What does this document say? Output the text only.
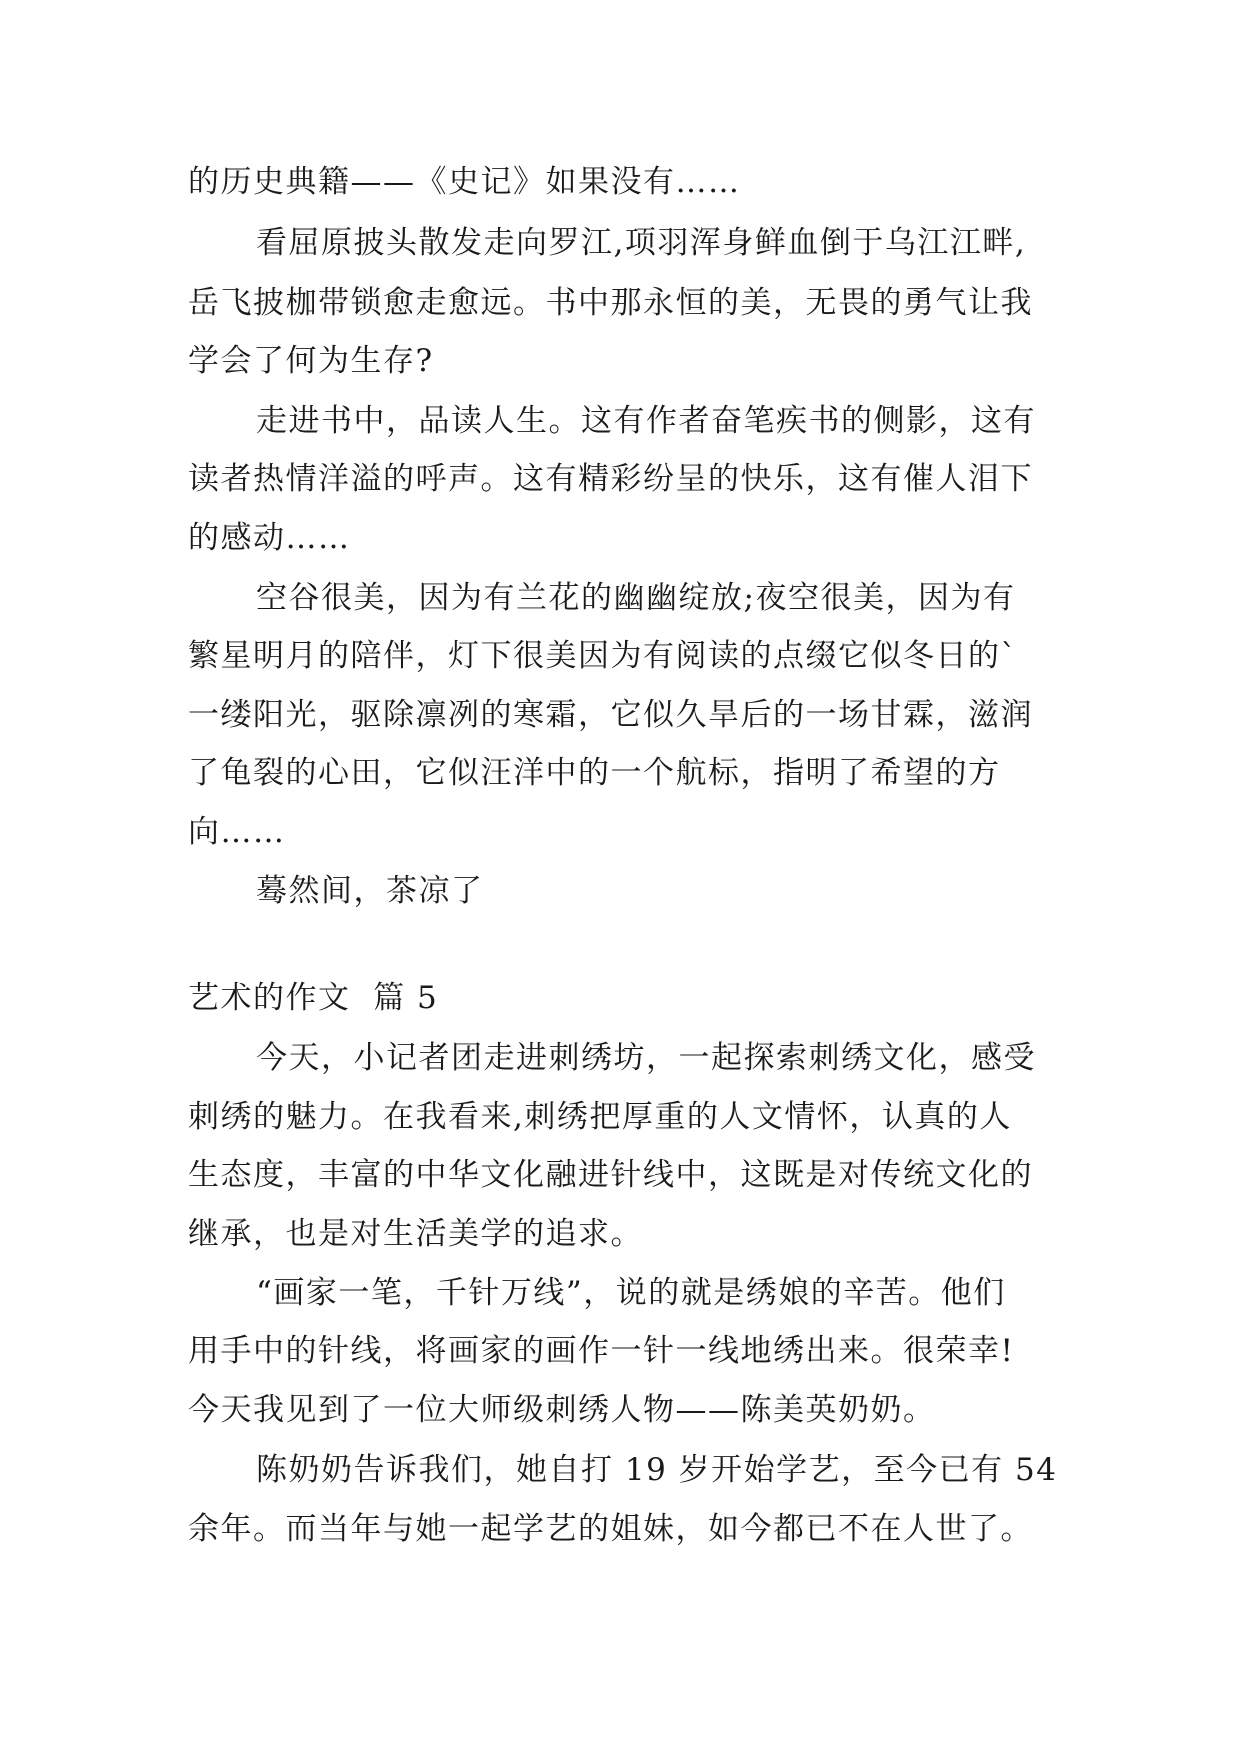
的历史典籍——《史记》如果没有……
看屈原披头散发走向罗江,项羽浑身鲜血倒于乌江江畔,
岳飞披枷带锁愈走愈远。书中那永恒的美，无畏的勇气让我
学会了何为生存?
走进书中，品读人生。这有作者奋笔疾书的侧影，这有
读者热情洋溢的呼声。这有精彩纷呈的快乐，这有催人泪下
的感动……
空谷很美，因为有兰花的幽幽绽放;夜空很美，因为有
繁星明月的陪伴，灯下很美因为有阅读的点缀它似冬日的`
一缕阳光，驱除凛冽的寒霜，它似久旱后的一场甘霖，滋润
了龟裂的心田，它似汪洋中的一个航标，指明了希望的方
向……
蓦然间，茶凉了
艺术的作文  篇 5
今天，小记者团走进刺绣坊，一起探索刺绣文化，感受
刺绣的魅力。在我看来,刺绣把厚重的人文情怀，认真的人
生态度，丰富的中华文化融进针线中，这既是对传统文化的
继承，也是对生活美学的追求。
“画家一笔，千针万线”，说的就是绣娘的辛苦。他们
用手中的针线，将画家的画作一针一线地绣出来。很荣幸!
今天我见到了一位大师级刺绣人物——陈美英奶奶。
陈奶奶告诉我们，她自打 19 岁开始学艺，至今已有 54
余年。而当年与她一起学艺的姐妹，如今都已不在人世了。
